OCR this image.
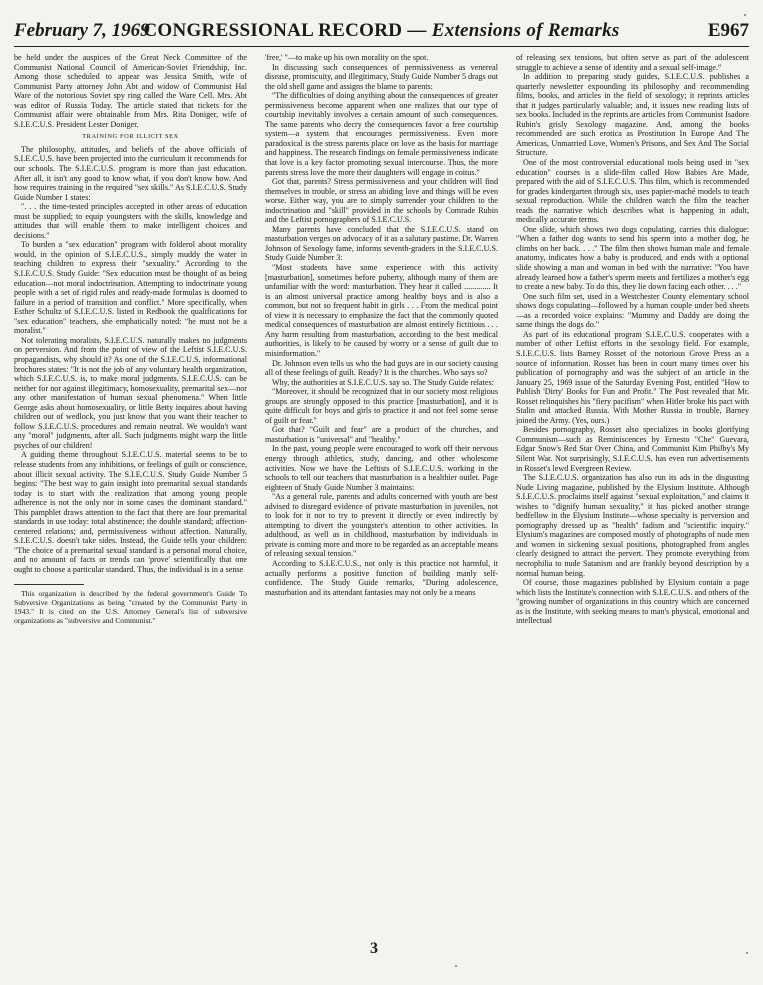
February 7, 1969
CONGRESSIONAL RECORD — Extensions of Remarks	E967

be held under the auspices of the Great Neck Committee of the Communist National Council of American-Soviet Friendship, Inc. Among those scheduled to appear was Jessica Smith, wife of Communist Party attorney John Abt and widow of Communist Hal Ware of the notorious Soviet spy ring called the Ware Cell. Mrs. Abt was editor of Russia Today. The article stated that tickets for the Communist affair were obtainable from Mrs. Rita Doniger, wife of S.I.E.C.U.S. President Lester Doniger.

TRAINING FOR ILLICIT SEX

The philosophy, attitudes, and beliefs of the above officials of S.I.E.C.U.S. have been projected into the curriculum it recommends for our schools. The S.I.E.C.U.S. program is more than just education. After all, it isn't any good to know what, if you don't know how. And how requires training in the required "sex skills." As S.I.E.C.U.S. Study Guide Number 1 states:

". . . the time-tested principles accepted in other areas of education must be supplied; to equip youngsters with the skills, knowledge and attitudes that will enable them to make intelligent choices and decisions."

To burden a "sex education" program with folderol about morality would, in the opinion of S.I.E.C.U.S., simply muddy the water in teaching children to express their "sexuality." According to the S.I.E.C.U.S. Study Guide: "Sex education must be thought of as being education—not moral indoctrination. Attempting to indoctrinate young people with a set of rigid rules and ready-made formulas is doomed to failure in a period of transition and conflict." More specifically, when Esther Schultz of S.I.E.C.U.S. listed in Redbook the qualifications for "sex education" teachers, she emphatically noted: "he must not be a moralist."

Not tolerating moralists, S.I.E.C.U.S. naturally makes no judgments on perversion. And from the point of view of the Leftist S.I.E.C.U.S. propagandists, why should it? As one of the S.I.E.C.U.S. informational brochures states: "It is not the job of any voluntary health organization, which S.I.E.C.U.S. is, to make moral judgments. S.I.E.C.U.S. can be neither for nor against illegitimacy, homosexuality, premarital sex—nor any other manifestation of human sexual phenomena." When little George asks about homosexuality, or little Betty inquires about having children out of wedlock, you just know that you want their teacher to follow S.I.E.C.U.S. procedures and remain neutral. We wouldn't want any "moral" judgments, after all. Such judgments might warp the little psyches of our children!

A guiding theme throughout S.I.E.C.U.S. material seems to be to release students from any inhibitions, or feelings of guilt or conscience, about illicit sexual activity. The S.I.E.C.U.S. Study Guide Number 5 begins: "The best way to gain insight into premarital sexual standards today is to start with the realization that among young people adherence is not the only nor in some cases the dominant standard." This pamphlet draws attention to the fact that there are four premarital standards in use today: total abstinence; the double standard; affection-centered relations; and, permissiveness without affection. Naturally, S.I.E.C.U.S. doesn't take sides. Instead, the Guide tells your children: "The choice of a premarital sexual standard is a personal moral choice, and no amount of facts or trends can 'prove' scientifically that one ought to choose a particular standard. Thus, the individual is in a sense

This organization is described by the federal government's Guide To Subversive Organizations as being "created by the Communist Party in 1943." It is cited on the U.S. Attorney General's list of subversive organizations as "subversive and Communist."

'free,' "—to make up his own morality on the spot.

In discussing such consequences of permissiveness as venereal disease, promiscuity, and illegitimacy, Study Guide Number 5 drags out the old shell game and assigns the blame to parents:

"The difficulties of doing anything about the consequences of greater permissiveness become apparent when one realizes that our type of courtship inevitably involves a certain amount of such consequences. The same parents who decry the consequences favor a free courtship system—a system that encourages permissiveness. Even more paradoxical is the stress parents place on love as the basis for marriage and happiness. The research findings on female permissiveness indicate that love is a key factor promoting sexual intercourse. Thus, the more parents stress love the more their daughters will engage in coitus."

Got that, parents? Stress permissiveness and your children will find themselves in trouble, or stress an abiding love and things will be even worse. Either way, you are to simply surrender your children to the indoctrination and "skill" provided in the schools by Comrade Rubin and the Leftist pornographers of S.I.E.C.U.S.

Many parents have concluded that the S.I.E.C.U.S. stand on masturbation verges on advocacy of it as a salutary pastime. Dr. Warren Johnson of Sexology fame, informs seventh-graders in the S.I.E.C.U.S. Study Guide Number 3:

"Most students have some experience with this activity [masturbation], sometimes before puberty, although many of them are unfamiliar with the word: masturbation. They hear it called ............. It is an almost universal practice among healthy boys and is also a common, but not so frequent habit in girls . . . From the medical point of view it is necessary to emphasize the fact that the commonly quoted medical consequences of masturbation are almost entirely fictitious . . . Any harm resulting from masturbation, according to the best medical authorities, is likely to be caused by worry or a sense of guilt due to misinformation."

Dr. Johnson even tells us who the bad guys are in our society causing all of these feelings of guilt. Ready? It is the churches. Who says so?

Why, the authorities at S.I.E.C.U.S. say so. The Study Guide relates:

"Moreover, it should be recognized that in our society most religious groups are strongly opposed to this practice [masturbation], and it is quite difficult for boys and girls to practice it and not feel some sense of guilt or fear."

Got that? "Guilt and fear" are a product of the churches, and masturbation is "universal" and "healthy."

In the past, young people were encouraged to work off their nervous energy through athletics, study, dancing, and other wholesome activities. Now we have the Leftists of S.I.E.C.U.S. working in the schools to tell our teachers that masturbation is a healthier outlet. Page eighteen of Study Guide Number 3 maintains:

"As a general rule, parents and adults concerned with youth are best advised to disregard evidence of private masturbation in juveniles, not to look for it nor to try to prevent it directly or even indirectly by attempting to divert the youngster's attention to other activities. In adulthood, as well as in childhood, masturbation by individuals in private is coming more and more to be regarded as an acceptable means of releasing sexual tension."

According to S.I.E.C.U.S., not only is this practice not harmful, it actually performs a positive function of building manly self-confidence. The Study Guide remarks, "During adolescence, masturbation and its attendant fantasies may not only be a means

of releasing sex tensions, but often serve as part of the adolescent struggle to achieve a sense of identity and a sexual self-image."

In addition to preparing study guides, S.I.E.C.U.S. publishes a quarterly newsletter expounding its philosophy and recommending films, books, and articles in the field of sexology; it reprints articles that it judges particularly valuable; and, it issues new reading lists of sex books. Included in the reprints are articles from Communist Isadore Rubin's grisly Sexology magazine. And, among the books recommended are such erotica as Prostitution In Europe And The Americas, Unmarried Love, Women's Prisons, and Sex And The Social Structure.

One of the most controversial educational tools being used in "sex education" courses is a slide-film called How Babies Are Made, prepared with the aid of S.I.E.C.U.S. This film, which is recommended for grades kindergarten through six, uses papier-maché models to teach sexual reproduction. While the children watch the film the teacher reads the narrative which describes what is happening in adult, medically accurate terms.

One slide, which shows two dogs copulating, carries this dialogue: "When a father dog wants to send his sperm into a mother dog, he climbs on her back. . . ." The film then shows human male and female anatomy, indicates how a baby is produced, and ends with a optional slide showing a man and woman in bed with the narrative: "You have already learned how a father's sperm meets and fertilizes a mother's egg to create a new baby. To do this, they lie down facing each other. . . ."

One such film set, used in a Westchester County elementary school shows dogs copulating—followed by a human couple under bed sheets—as a recorded voice explains: "Mummy and Daddy are doing the same things the dogs do."

As part of its educational program S.I.E.C.U.S. cooperates with a number of other Leftist efforts in the sexology field. For example, S.I.E.C.U.S. lists Barney Rosset of the notorious Grove Press as a source of information. Rosset has been in court many times over his publication of pornography and was the subject of an article in the January 25, 1969 issue of the Saturday Evening Post, entitled "How to Publish 'Dirty' Books for Fun and Profit." The Post revealed that Mr. Rosset relinquishes his "fiery pacifism" when Hitler broke his pact with Stalin and attacked Russia. With Mother Russia in trouble, Barney joined the Army. (Yes, ours.)

Besides pornography, Rosset also specializes in books glorifying Communism—such as Reminiscences by Ernesto "Che" Guevara, Edgar Snow's Red Star Over China, and Communist Kim Philby's My Silent War. Not surprisingly, S.I.E.C.U.S. has even run advertisements in Rosset's lewd Evergreen Review.

The S.I.E.C.U.S. organization has also run its ads in the disgusting Nude Living magazine, published by the Elysium Institute. Although S.I.E.C.U.S. proclaims itself against "sexual exploitation," and claims it wishes to "dignify human sexuality," it has picked another strange bedfellow in the Elysium Institute—whose specialty is perversion and pornography dressed up as "health" fadism and "scientific inquiry." Elysium's magazines are composed mostly of photographs of nude men and women in sickening sexual positions, photographed from angles clearly designed to attract the pervert. They promote everything from necrophilia to nude Satanism and are frankly beyond description by a normal human being.

Of course, those magazines published by Elysium contain a page which lists the Institute's connection with S.I.E.C.U.S. and others of the "growing number of organizations in this country which are concerned as is the Institute, with seeking means to man's physical, emotional and intellectual

3
